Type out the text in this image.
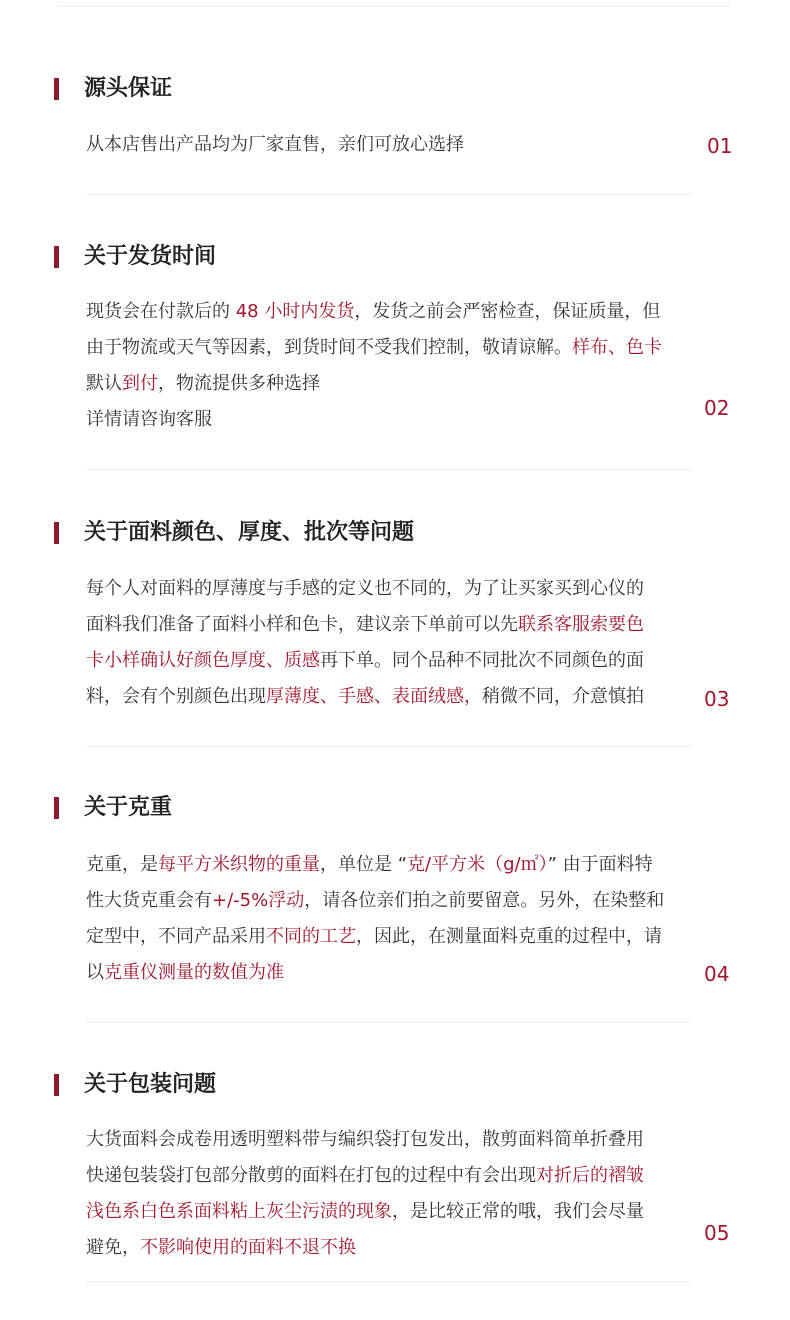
源头保证
从本店售出产品均为厂家直售，亲们可放心选择	01
关于发货时间
现货会在付款后的 48 小时内发货，发货之前会严密检查，保证质量，但
由于物流或天气等因素，到货时间不受我们控制，敬请谅解。样布、色卡
默认到付，物流提供多种选择
详情请咨询客服	02
关于面料颜色、厚度、批次等问题
每个人对面料的厚薄度与手感的定义也不同的，为了让买家买到心仪的
面料我们准备了面料小样和色卡，建议亲下单前可以先联系客服索要色
卡小样确认好颜色厚度、质感再下单。同个品种不同批次不同颜色的面
料，会有个别颜色出现厚薄度、手感、表面绒感，稍微不同，介意慎拍	03
关于克重
克重，是每平方米织物的重量，单位是 “克/平方米（g/㎡）” 由于面料特
性大货克重会有+/-5%浮动，请各位亲们拍之前要留意。另外，在染整和
定型中，不同产品采用不同的工艺，因此，在测量面料克重的过程中，请
以克重仪测量的数值为准	04
关于包装问题
大货面料会成卷用透明塑料带与编织袋打包发出，散剪面料简单折叠用
快递包装袋打包部分散剪的面料在打包的过程中有会出现对折后的褶皱
浅色系白色系面料粘上灰尘污渍的现象，是比较正常的哦，我们会尽量
避免，不影响使用的面料不退不换
05
